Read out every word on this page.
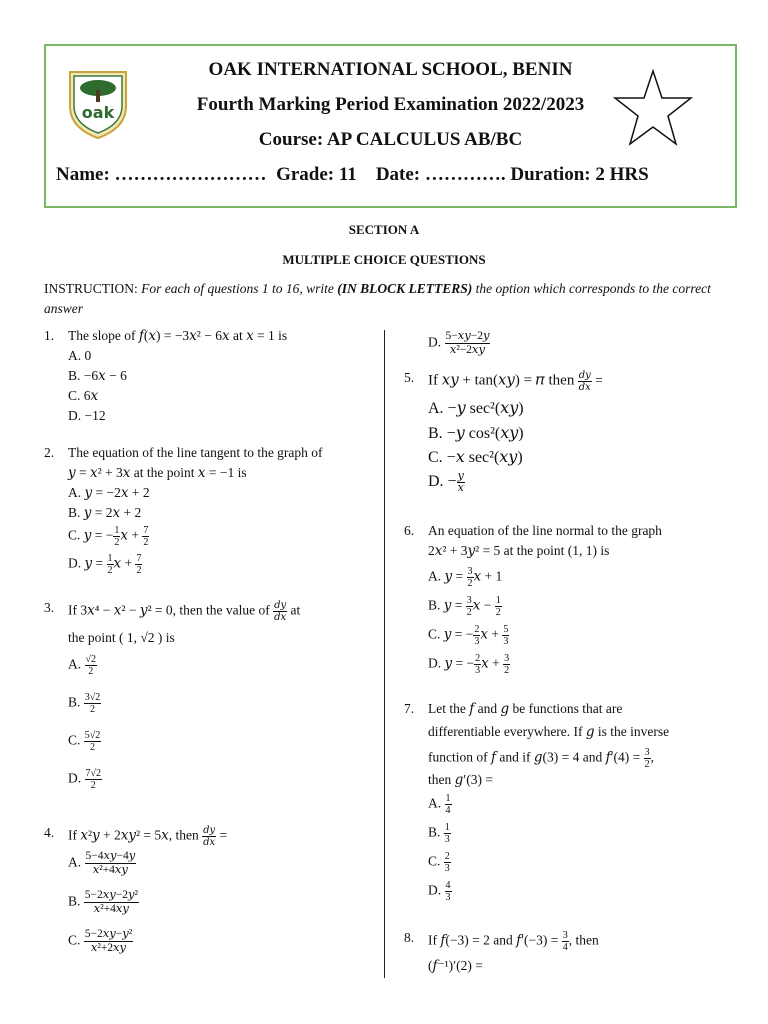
oak
OAK INTERNATIONAL SCHOOL, BENIN
Fourth Marking Period Examination 2022/2023
Course: AP CALCULUS AB/BC
Name: …………………… Grade: 11 Date: …………. Duration: 2 HRS
SECTION A
MULTIPLE CHOICE QUESTIONS
INSTRUCTION: For each of questions 1 to 16, write (IN BLOCK LETTERS) the option which corresponds to the correct answer
1. The slope of 𝑓(𝑥) = −3𝑥² − 6𝑥 at 𝑥 = 1 is
A. 0
B. −6𝑥 − 6
C. 6𝑥
D. −12
2. The equation of the line tangent to the graph of
𝑦 = 𝑥² + 3𝑥 at the point 𝑥 = −1 is
A. 𝑦 = −2𝑥 + 2
B. 𝑦 = 2𝑥 + 2
C. 𝑦 = − $\frac{1}{2}$ 𝑥 + $\frac{7}{2}$
D. 𝑦 = $\frac{1}{2}$ 𝑥 + $\frac{7}{2}$
3. If 3𝑥⁴ − 𝑥² − 𝑦² = 0, then the value of $\frac{\text{𝑑𝑦}}{\text{𝑑𝑥}}$ at
the point ( 1, √2 ) is
A. $\frac{√2}{2}$
B. $\frac{3√2}{2}$
C. $\frac{5√2}{2}$
D. $\frac{7√2}{2}$
4. If 𝑥²𝑦 + 2𝑥𝑦² = 5𝑥, then $\frac{\text{𝑑𝑦}}{\text{𝑑𝑥}}$ =
A. $\frac{\text{5−4𝑥𝑦−4𝑦}}{\text{𝑥²+4𝑥𝑦}}$
B. $\frac{\text{5−2𝑥𝑦−2𝑦²}}{\text{𝑥²+4𝑥𝑦}}$
C. $\frac{\text{5−2𝑥𝑦−𝑦²}}{\text{𝑥²+2𝑥𝑦}}$
D. $\frac{\text{5−𝑥𝑦−2𝑦}}{\text{𝑥²−2𝑥𝑦}}$
5. If 𝑥𝑦 + tan(𝑥𝑦) = 𝜋 then $\frac{\text{𝑑𝑦}}{\text{𝑑𝑥}}$ =
A. −𝑦 sec²(𝑥𝑦)
B. −𝑦 cos²(𝑥𝑦)
C. −𝑥 sec²(𝑥𝑦)
D. − $\frac{\text{𝑦}}{\text{𝑥}}$
6. An equation of the line normal to the graph
2𝑥² + 3𝑦² = 5 at the point (1, 1) is
A. 𝑦 = $\frac{3}{2}$ 𝑥 + 1
B. 𝑦 = $\frac{3}{2}$ 𝑥 − $\frac{1}{2}$
C. 𝑦 = − $\frac{2}{3}$ 𝑥 + $\frac{5}{3}$
D. 𝑦 = − $\frac{2}{3}$ 𝑥 + $\frac{3}{2}$
7. Let the 𝑓 and 𝑔 be functions that are
differentiable everywhere. If 𝑔 is the inverse
function of 𝑓 and if 𝑔(3) = 4 and 𝑓′(4) = $\frac{3}{2}$ ,
then 𝑔′(3) =
A. $\frac{1}{4}$
B. $\frac{1}{3}$
C. $\frac{2}{3}$
D. $\frac{4}{3}$
8. If 𝑓(−3) = 2 and 𝑓′(−3) = $\frac{3}{4}$ , then
(𝑓⁻¹)′(2) =
